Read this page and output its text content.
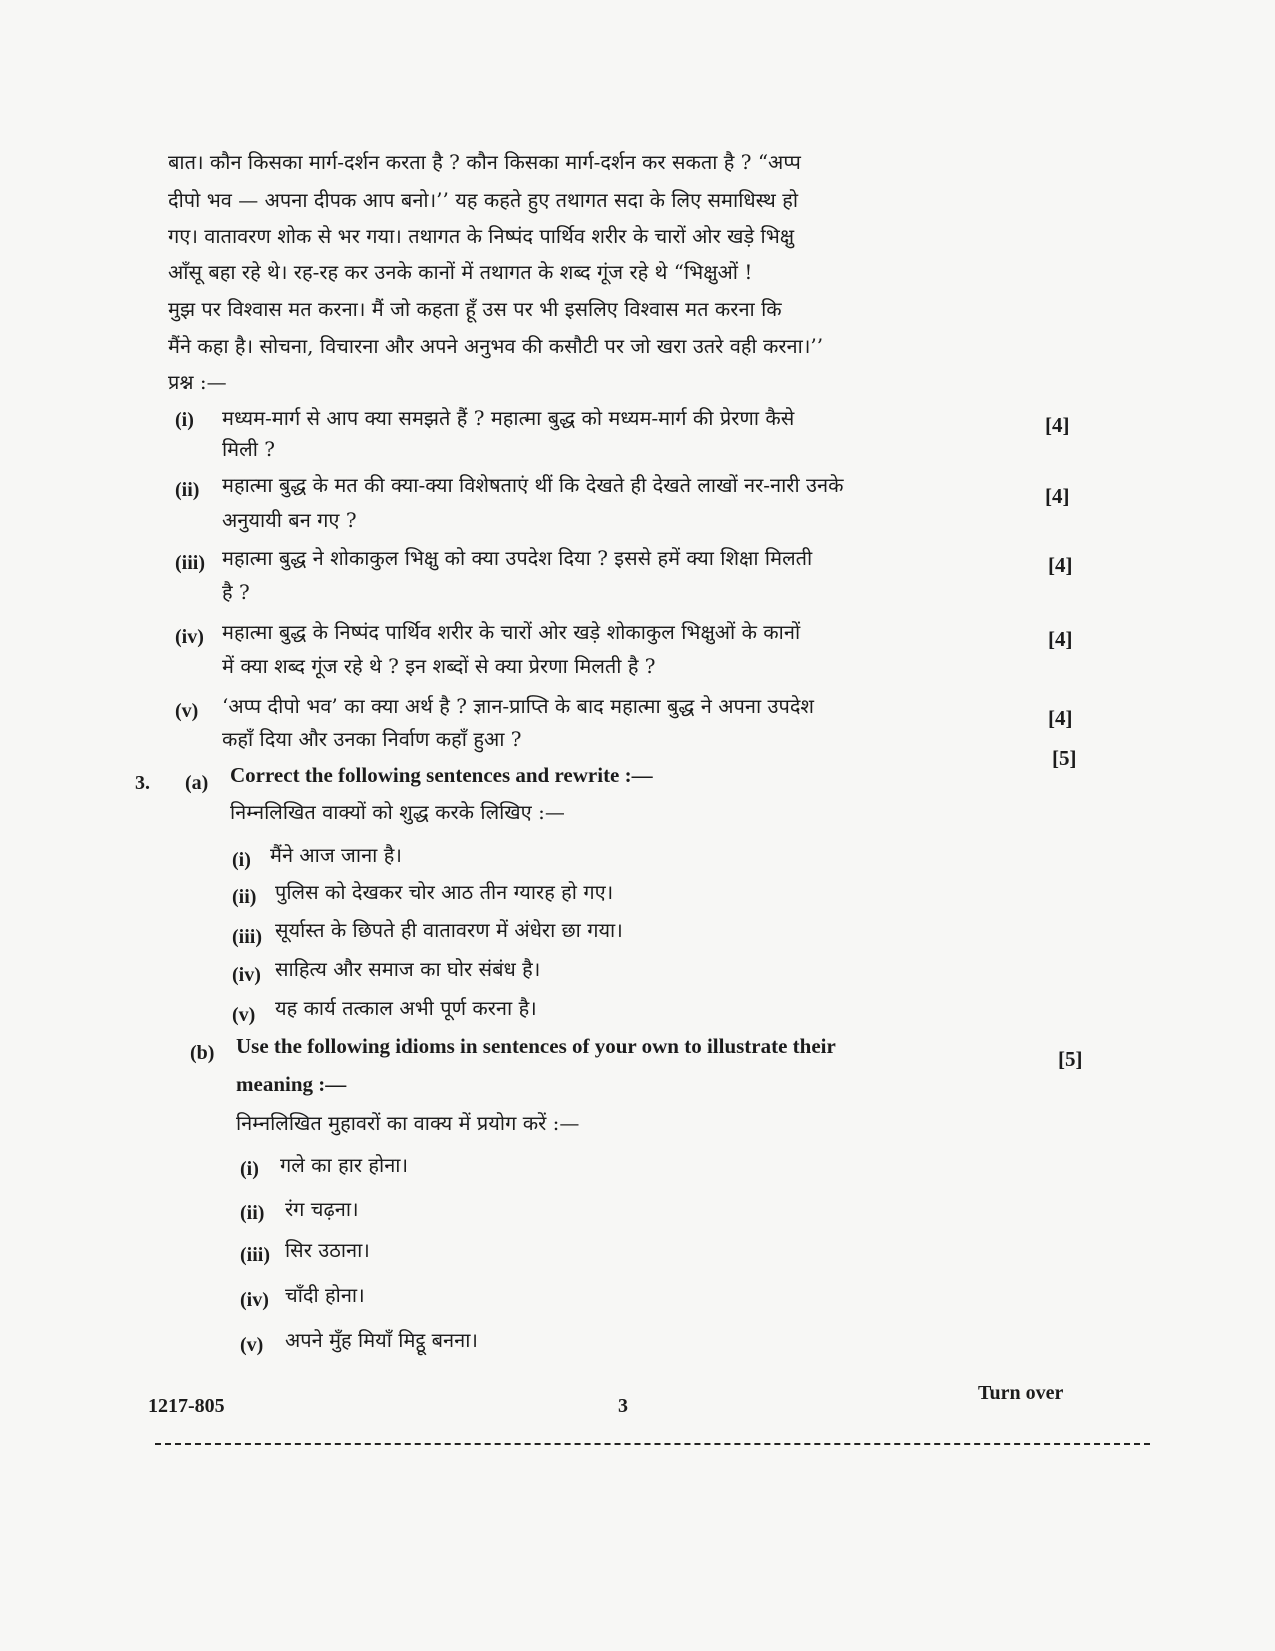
बात। कौन किसका मार्ग-दर्शन करता है ? कौन किसका मार्ग-दर्शन कर सकता है ? “अप्प
दीपो भव — अपना दीपक आप बनो।’’ यह कहते हुए तथागत सदा के लिए समाधिस्थ हो
गए। वातावरण शोक से भर गया। तथागत के निष्पंद पार्थिव शरीर के चारों ओर खड़े भिक्षु
आँसू बहा रहे थे। रह-रह कर उनके कानों में तथागत के शब्द गूंज रहे थे “भिक्षुओं !
मुझ पर विश्वास मत करना। मैं जो कहता हूँ उस पर भी इसलिए विश्वास मत करना कि
मैंने कहा है। सोचना, विचारना और अपने अनुभव की कसौटी पर जो खरा उतरे वही करना।’’
प्रश्न :—
(i) मध्यम-मार्ग से आप क्या समझते हैं ? महात्मा बुद्ध को मध्यम-मार्ग की प्रेरणा कैसे
मिली ?
[4]
(ii) महात्मा बुद्ध के मत की क्या-क्या विशेषताएं थीं कि देखते ही देखते लाखों नर-नारी उनके
अनुयायी बन गए ?
[4]
(iii) महात्मा बुद्ध ने शोकाकुल भिक्षु को क्या उपदेश दिया ? इससे हमें क्या शिक्षा मिलती
है ?
[4]
(iv) महात्मा बुद्ध के निष्पंद पार्थिव शरीर के चारों ओर खड़े शोकाकुल भिक्षुओं के कानों
में क्या शब्द गूंज रहे थे ? इन शब्दों से क्या प्रेरणा मिलती है ?
[4]
(v) ‘अप्प दीपो भव’ का क्या अर्थ है ? ज्ञान-प्राप्ति के बाद महात्मा बुद्ध ने अपना उपदेश
कहाँ दिया और उनका निर्वाण कहाँ हुआ ?
[4]
3. (a) Correct the following sentences and rewrite :—
[5]
निम्नलिखित वाक्यों को शुद्ध करके लिखिए :—
(i) मैंने आज जाना है।
(ii) पुलिस को देखकर चोर आठ तीन ग्यारह हो गए।
(iii) सूर्यास्त के छिपते ही वातावरण में अंधेरा छा गया।
(iv) साहित्य और समाज का घोर संबंध है।
(v) यह कार्य तत्काल अभी पूर्ण करना है।
(b) Use the following idioms in sentences of your own to illustrate their
meaning :—
[5]
निम्नलिखित मुहावरों का वाक्य में प्रयोग करें :—
(i) गले का हार होना।
(ii) रंग चढ़ना।
(iii) सिर उठाना।
(iv) चाँदी होना।
(v) अपने मुँह मियाँ मिट्ठू बनना।
1217-805	3
Turn over
